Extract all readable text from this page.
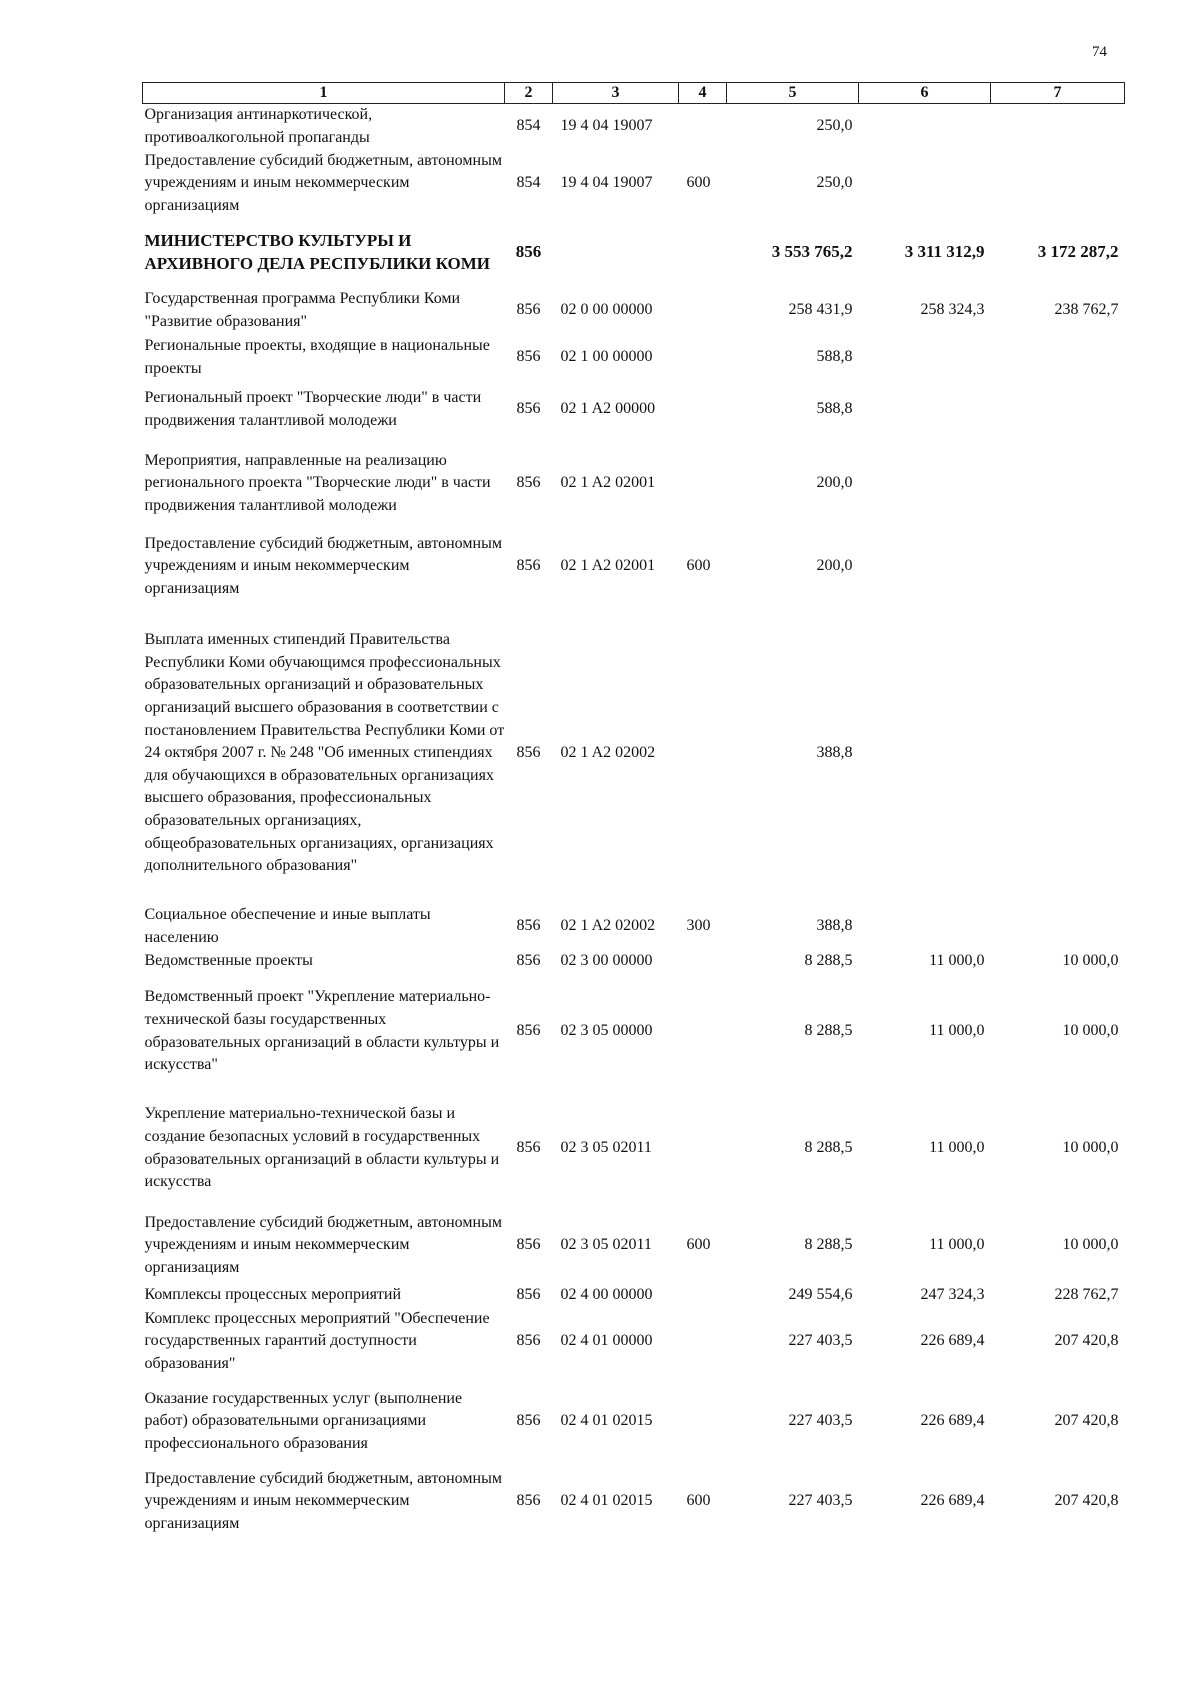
74
1	2	3	4	5	6	7
Организация антинаркотической, противоалкогольной пропаганды	854	19 4 04 19007		250,0		
Предоставление субсидий бюджетным, автономным учреждениям и иным некоммерческим организациям	854	19 4 04 19007	600	250,0		
МИНИСТЕРСТВО КУЛЬТУРЫ И АРХИВНОГО ДЕЛА РЕСПУБЛИКИ КОМИ	856			3 553 765,2	3 311 312,9	3 172 287,2
Государственная программа Республики Коми "Развитие образования"	856	02 0 00 00000		258 431,9	258 324,3	238 762,7
Региональные проекты, входящие в национальные проекты	856	02 1 00 00000		588,8		
Региональный проект "Творческие люди" в части продвижения талантливой молодежи	856	02 1 A2 00000		588,8		
Мероприятия, направленные на реализацию регионального проекта "Творческие люди" в части продвижения талантливой молодежи	856	02 1 A2 02001		200,0		
Предоставление субсидий бюджетным, автономным учреждениям и иным некоммерческим организациям	856	02 1 A2 02001	600	200,0		
Выплата именных стипендий Правительства Республики Коми обучающимся профессиональных образовательных организаций и образовательных организаций высшего образования в соответствии с постановлением Правительства Республики Коми от 24 октября 2007 г. № 248 "Об именных стипендиях для обучающихся в образовательных организациях высшего образования, профессиональных образовательных организациях, общеобразовательных организациях, организациях дополнительного образования"	856	02 1 A2 02002		388,8		
Социальное обеспечение и иные выплаты населению	856	02 1 A2 02002	300	388,8		
Ведомственные проекты	856	02 3 00 00000		8 288,5	11 000,0	10 000,0
Ведомственный проект "Укрепление материально-технической базы государственных образовательных организаций в области культуры и искусства"	856	02 3 05 00000		8 288,5	11 000,0	10 000,0
Укрепление материально-технической базы и создание безопасных условий в государственных образовательных организаций в области культуры и искусства	856	02 3 05 02011		8 288,5	11 000,0	10 000,0
Предоставление субсидий бюджетным, автономным учреждениям и иным некоммерческим организациям	856	02 3 05 02011	600	8 288,5	11 000,0	10 000,0
Комплексы процессных мероприятий	856	02 4 00 00000		249 554,6	247 324,3	228 762,7
Комплекс процессных мероприятий "Обеспечение государственных гарантий доступности образования"	856	02 4 01 00000		227 403,5	226 689,4	207 420,8
Оказание государственных услуг (выполнение работ) образовательными организациями профессионального образования	856	02 4 01 02015		227 403,5	226 689,4	207 420,8
Предоставление субсидий бюджетным, автономным учреждениям и иным некоммерческим организациям	856	02 4 01 02015	600	227 403,5	226 689,4	207 420,8
